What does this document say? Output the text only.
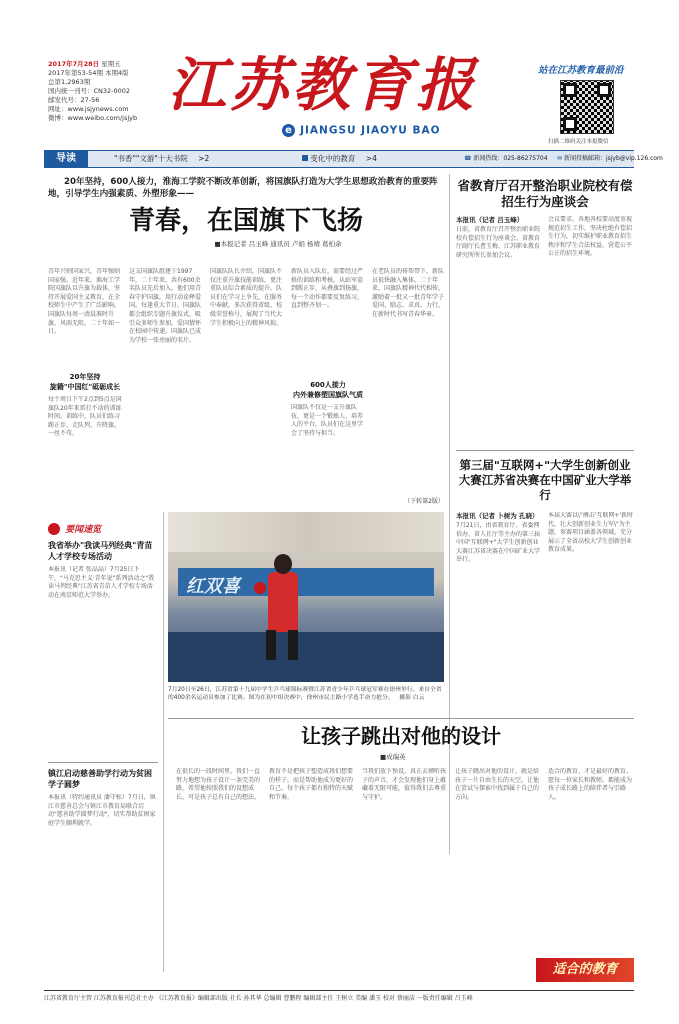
2017年7月28日 星期五
2017年第53-54期 本期4版
总第1,2963期
国内统一刊号：CN32-0002
邮发代号：27-56
网址：www.jsjynews.com
微博：www.weibo.com/jsjyb 江苏教育报
e JIANGSU JIAOYU BAO
站在江苏教育最前沿
扫描二维码关注本报微信
导读	"书香""文游"十大书院 >2	变化中的教育 >4	☎ 新闻热线：025-86275704 ✉ 新闻投稿邮箱：jsjyb@vip.126.com
20年坚持，600人接力，淮海工学院不断改革创新，将国旗队打造为大学生思想政治教育的重要阵地，引导学生内强素质、外塑形象——
青春，在国旗下飞扬
■本报记者 吕玉峰 通讯员 卢娟 杨靖 葛柏余
青年兴则国家兴，青年强则国家强。近年来，淮海工学院国旗队以升旗为载体，坚持开展爱国主义教育，在全校师生中产生了广泛影响。国旗队每周一清晨准时升旗，风雨无阻，二十年如一日。
20年坚持
旋籍"中国红"砥砺成长
每个周日下午2点到5点是国旗队20年来雷打不动的训练时间。训练中，队员们练习踢正步、走队列、升降旗，一丝不苟。
这支国旗队组建于1997年，二十年来，共有600余名队员先后加入。他们用青春守护国旗，用行动诠释爱国。每逢重大节日，国旗队都会组织专题升旗仪式，吸引众多师生参加，爱国情怀在校园中传递，国旗队已成为学校一张亮丽的名片。
国旗队队长介绍，国旗队不仅注重升旗技能训练，更注重队员综合素质的提升。队员们在学习上争先，在服务中奉献，多次获得省级、校级荣誉称号，展现了当代大学生积极向上的精神风貌。
新队员入队后，需要经过严格的训练和考核。从站军姿到踢正步，从叠旗到扬旗，每一个动作都要反复练习，直到整齐划一。
600人接力
内外兼修塑国旗队气质
国旗队不仅是一支升旗队伍，更是一个锻炼人、培养人的平台，队员们在这里学会了坚持与担当。
在老队员的传帮带下，新队员很快融入集体。二十年来，国旗队精神代代相传，激励着一批又一批青年学子爱国、励志、求真、力行，在新时代书写青春华章。
（下转第2版）
省教育厅召开整治职业院校有偿招生行为座谈会
本报讯（记者 吕玉峰）
日前，省教育厅召开整治职业院校有偿招生行为座谈会。省教育厅副厅长曹玉梅、江苏职业教育研究所所长参加会议。
会议要求，各地各校要高度重视规范招生工作，坚决杜绝有偿招生行为，切实维护职业教育招生秩序和学生合法权益，营造公平公正的招生环境。
第三届"互联网+"大学生创新创业大赛江苏省决赛在中国矿业大学举行
本报讯（记者 卜树为 孔晓）
7月21日，由省教育厅、省委网信办、省人社厅等主办的第三届中国"互联网+"大学生创新创业大赛江苏省决赛在中国矿业大学举行。
本届大赛以\"搏击'互联网+'新时代，壮大创新创业生力军\"为主题，参赛项目涵盖各领域，充分展示了全省高校大学生创新创业教育成果。
要闻速览
我省举办"我读马列经典"青苗人才学校专场活动
本报讯（记者 张晶晶）7月25日下午，"马克思主义·青年说"系列活动之"我读马列经典"江苏省青苗人才学校专场活动在南京师范大学举办。
镇江启动慈善助学行动为贫困学子圆梦
本报讯（特约通讯员 潘守松）7月日，镇江市慈善总会与镇江市教育局联合启动"慈善助学圆梦行动"，切实帮助贫困家庭学生顺利就学。
红双喜
7月20日至26日，江苏省第十九届中学生乒乓球锦标赛暨江苏省青少年乒乓球冠军赛在徐州举行。来自全省的400余名运动员参加了比赛。图为在初中组决赛中，徐州市民主路小学选手奋力抢分。 摄影 白云
让孩子跳出对他的设计
■成瑞英
在很长的一段时间里，我们一直努力地想为孩子设计一条完美的路，希望他按照我们的设想成长。可是孩子总有自己的想法。
教育不是把孩子塑造成我们想要的样子，而是帮助他成为更好的自己。每个孩子都有独特的天赋和节奏。
当我们放下预设，真正去倾听孩子的声音，才会发现他们身上蕴藏着无限可能，值得我们去尊重与守护。
让孩子跳出对他的设计，就是给孩子一片自由生长的天空，让他在尝试与探索中找到属于自己的方向。
适合的教育，才是最好的教育。愿每一位家长和教师，都能成为孩子成长路上的陪伴者与引路人。
适合的教育
江苏省教育厅主管 江苏教育报刊总社主办 《江苏教育报》编辑部出版 社长 孙其华 总编辑 曹鹏程 编辑部主任 王树立 美编 潘玉 校对 蔡丽洁 一版责任编辑 吕玉峰
